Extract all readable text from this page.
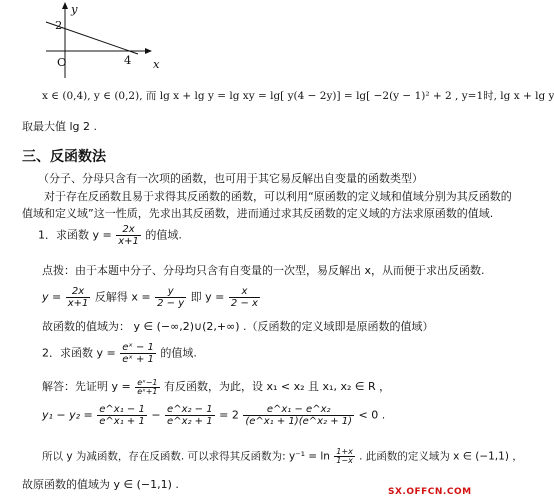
y
2
O	4 x
x ∈ (0,4), y ∈ (0,2), 而 lg x + lg y = lg xy = lg[ y(4 − 2y)] = lg[ −2(y − 1)² + 2 , y=1时, lg x + lg y
取最大值 lg 2 .
三、反函数法
（分子、分母只含有一次项的函数，也可用于其它易反解出自变量的函数类型）
对于存在反函数且易于求得其反函数的函数，可以利用“原函数的定义域和值域分别为其反函数的
值域和定义域”这一性质，先求出其反函数，进而通过求其反函数的定义域的方法求原函数的值域.
1．求函数 $y = \frac{2x}{x+1}$ 的值域.
点拨：由于本题中分子、分母均只含有自变量的一次型，易反解出 x，从而便于求出反函数.
$y = \frac{2x}{x+1}$ 反解得 $x = \frac{y}{2 - y}$ 即 $y = \frac{x}{2 - x}$
故函数的值域为： y ∈ (−∞,2)∪(2,+∞) .（反函数的定义域即是原函数的值域）
2．求函数 $y = \frac{\text{eˣ − 1}}{\text{eˣ + 1}}$ 的值域.
解答：先证明 $y = \frac{\text{eˣ−1}}{\text{eˣ+1}}$ 有反函数，为此，设 x₁ < x₂ 且 x₁, x₂ ∈ R ，
$y_1 - y_2 = \frac{\text{e\textasciicircum{}x₁ − 1}}{\text{e\textasciicircum{}x₁ + 1}} - \frac{\text{e\textasciicircum{}x₂ − 1}}{\text{e\textasciicircum{}x₂ + 1}} = 2 \frac{\text{e\textasciicircum{}x₁ − e\textasciicircum{}x₂}}{\text{(e\textasciicircum{}x₁ + 1)(e\textasciicircum{}x₂ + 1)}} < 0$ .
所以 y 为减函数，存在反函数. 可以求得其反函数为: $y^{-1} = \ln \frac{1+x}{1-x}$ . 此函数的定义域为 x ∈ (−1,1) ，
故原函数的值域为 y ∈ (−1,1) .
SX.OFFCN.COM
